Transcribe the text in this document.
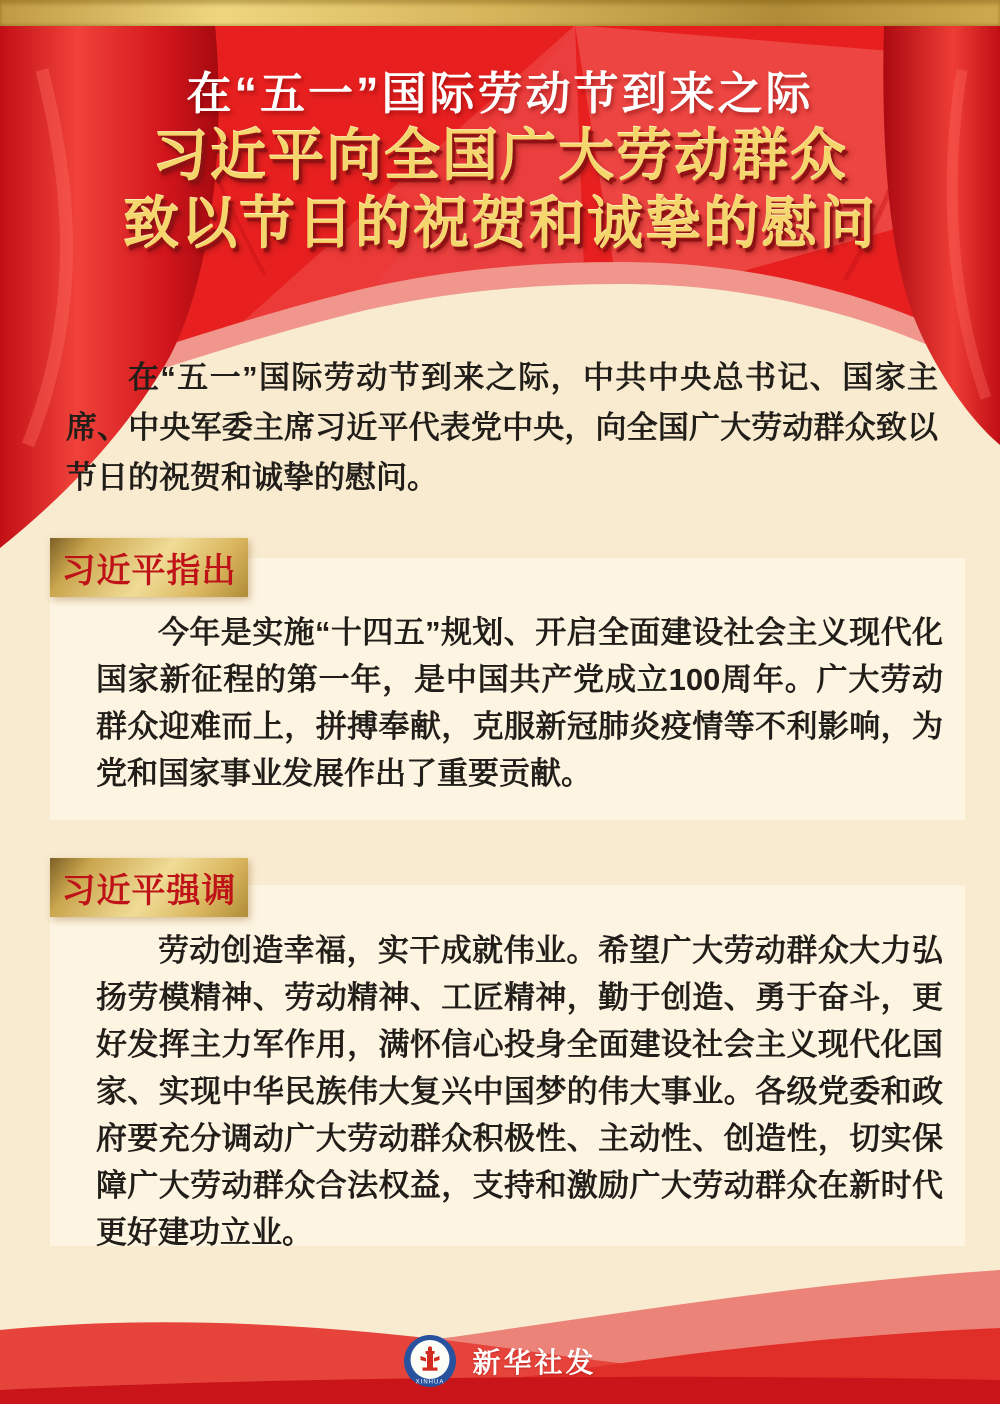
在“五一”国际劳动节到来之际
习近平向全国广大劳动群众
致以节日的祝贺和诚挚的慰问
在“五一”国际劳动节到来之际，中共中央总书记、国家主席、中央军委主席习近平代表党中央，向全国广大劳动群众致以节日的祝贺和诚挚的慰问。
今年是实施“十四五”规划、开启全面建设社会主义现代化国家新征程的第一年，是中国共产党成立100周年。广大劳动群众迎难而上，拼搏奉献，克服新冠肺炎疫情等不利影响，为党和国家事业发展作出了重要贡献。
习近平指出
劳动创造幸福，实干成就伟业。希望广大劳动群众大力弘扬劳模精神、劳动精神、工匠精神，勤于创造、勇于奋斗，更好发挥主力军作用，满怀信心投身全面建设社会主义现代化国家、实现中华民族伟大复兴中国梦的伟大事业。各级党委和政府要充分调动广大劳动群众积极性、主动性、创造性，切实保障广大劳动群众合法权益，支持和激励广大劳动群众在新时代更好建功立业。
习近平强调
XINHUA
新华社发
